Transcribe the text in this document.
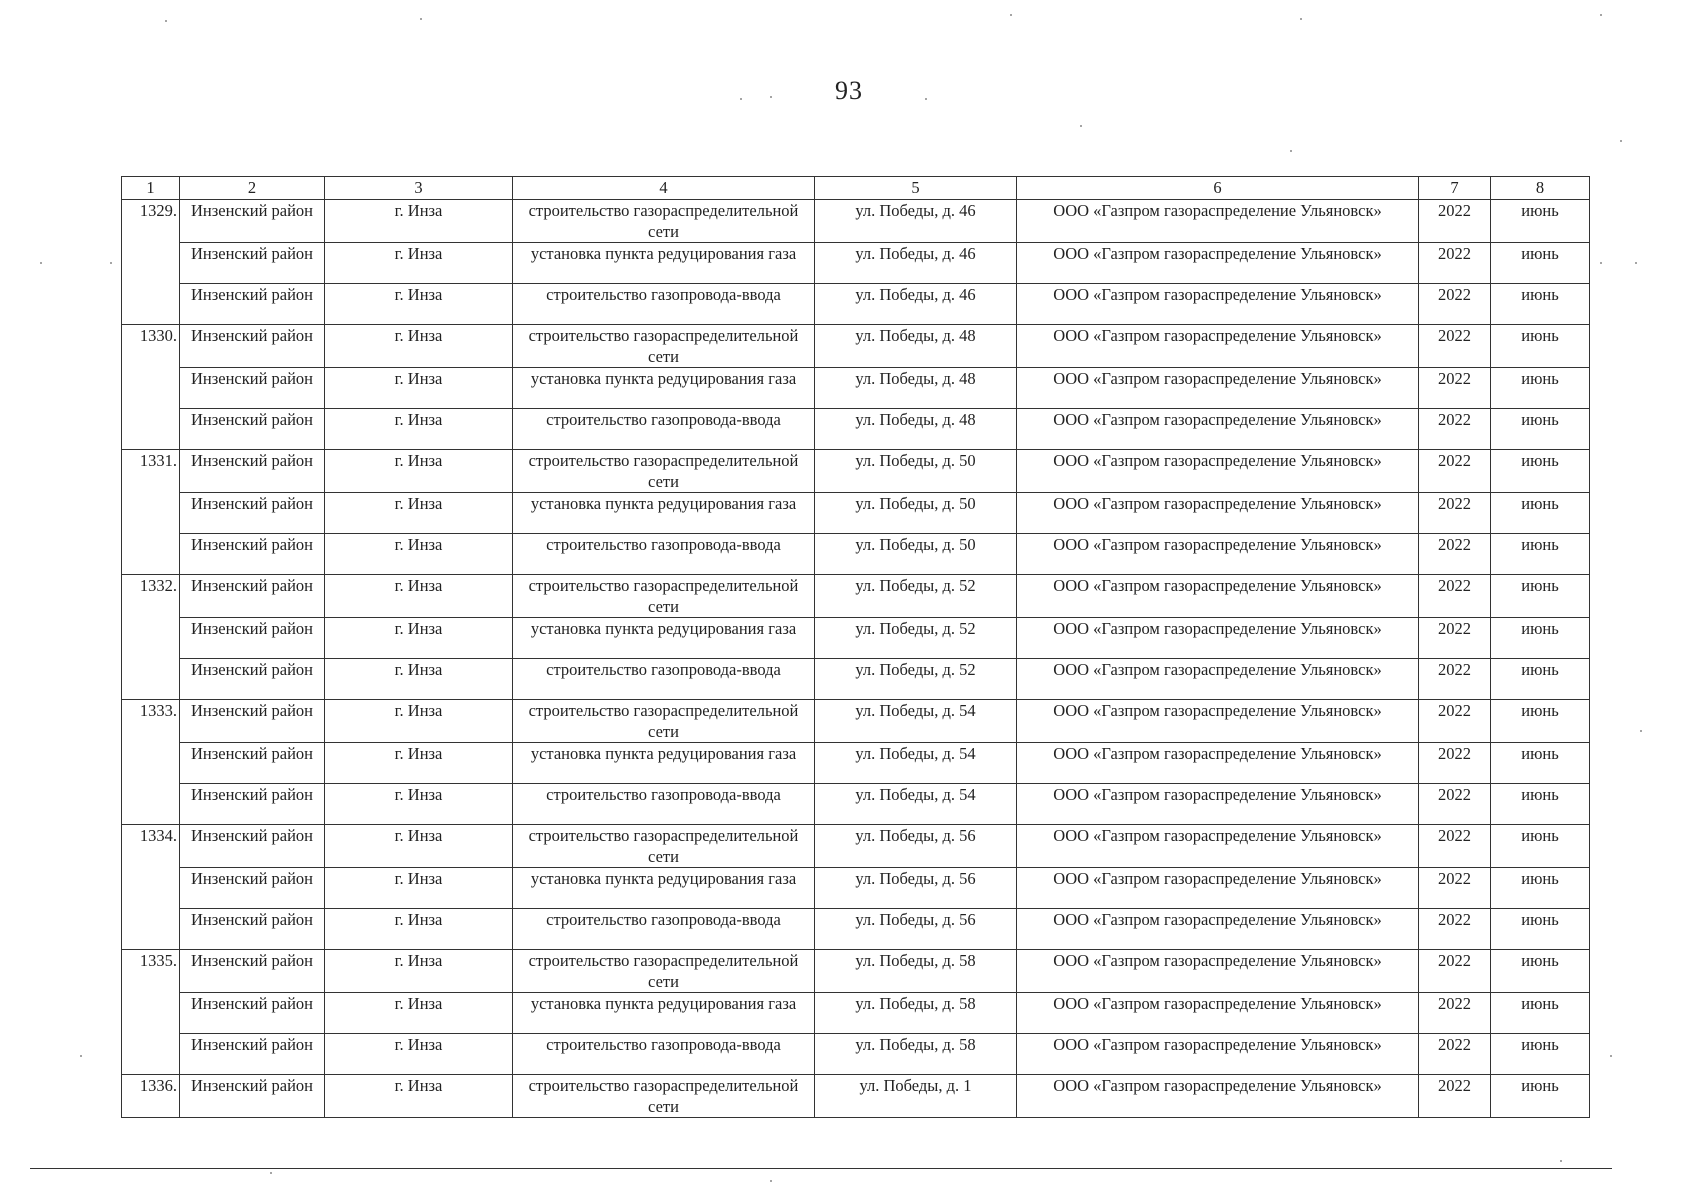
93
1	2	3	4	5	6	7	8
1329.	Инзенский район	г. Инза	строительство газораспределительной сети	ул. Победы, д. 46	ООО «Газпром газораспределение Ульяновск»	2022	июнь
	Инзенский район	г. Инза	установка пункта редуцирования газа	ул. Победы, д. 46	ООО «Газпром газораспределение Ульяновск»	2022	июнь
	Инзенский район	г. Инза	строительство газопровода-ввода	ул. Победы, д. 46	ООО «Газпром газораспределение Ульяновск»	2022	июнь
1330.	Инзенский район	г. Инза	строительство газораспределительной сети	ул. Победы, д. 48	ООО «Газпром газораспределение Ульяновск»	2022	июнь
	Инзенский район	г. Инза	установка пункта редуцирования газа	ул. Победы, д. 48	ООО «Газпром газораспределение Ульяновск»	2022	июнь
	Инзенский район	г. Инза	строительство газопровода-ввода	ул. Победы, д. 48	ООО «Газпром газораспределение Ульяновск»	2022	июнь
1331.	Инзенский район	г. Инза	строительство газораспределительной сети	ул. Победы, д. 50	ООО «Газпром газораспределение Ульяновск»	2022	июнь
	Инзенский район	г. Инза	установка пункта редуцирования газа	ул. Победы, д. 50	ООО «Газпром газораспределение Ульяновск»	2022	июнь
	Инзенский район	г. Инза	строительство газопровода-ввода	ул. Победы, д. 50	ООО «Газпром газораспределение Ульяновск»	2022	июнь
1332.	Инзенский район	г. Инза	строительство газораспределительной сети	ул. Победы, д. 52	ООО «Газпром газораспределение Ульяновск»	2022	июнь
	Инзенский район	г. Инза	установка пункта редуцирования газа	ул. Победы, д. 52	ООО «Газпром газораспределение Ульяновск»	2022	июнь
	Инзенский район	г. Инза	строительство газопровода-ввода	ул. Победы, д. 52	ООО «Газпром газораспределение Ульяновск»	2022	июнь
1333.	Инзенский район	г. Инза	строительство газораспределительной сети	ул. Победы, д. 54	ООО «Газпром газораспределение Ульяновск»	2022	июнь
	Инзенский район	г. Инза	установка пункта редуцирования газа	ул. Победы, д. 54	ООО «Газпром газораспределение Ульяновск»	2022	июнь
	Инзенский район	г. Инза	строительство газопровода-ввода	ул. Победы, д. 54	ООО «Газпром газораспределение Ульяновск»	2022	июнь
1334.	Инзенский район	г. Инза	строительство газораспределительной сети	ул. Победы, д. 56	ООО «Газпром газораспределение Ульяновск»	2022	июнь
	Инзенский район	г. Инза	установка пункта редуцирования газа	ул. Победы, д. 56	ООО «Газпром газораспределение Ульяновск»	2022	июнь
	Инзенский район	г. Инза	строительство газопровода-ввода	ул. Победы, д. 56	ООО «Газпром газораспределение Ульяновск»	2022	июнь
1335.	Инзенский район	г. Инза	строительство газораспределительной сети	ул. Победы, д. 58	ООО «Газпром газораспределение Ульяновск»	2022	июнь
	Инзенский район	г. Инза	установка пункта редуцирования газа	ул. Победы, д. 58	ООО «Газпром газораспределение Ульяновск»	2022	июнь
	Инзенский район	г. Инза	строительство газопровода-ввода	ул. Победы, д. 58	ООО «Газпром газораспределение Ульяновск»	2022	июнь
1336.	Инзенский район	г. Инза	строительство газораспределительной сети	ул. Победы, д. 1	ООО «Газпром газораспределение Ульяновск»	2022	июнь
